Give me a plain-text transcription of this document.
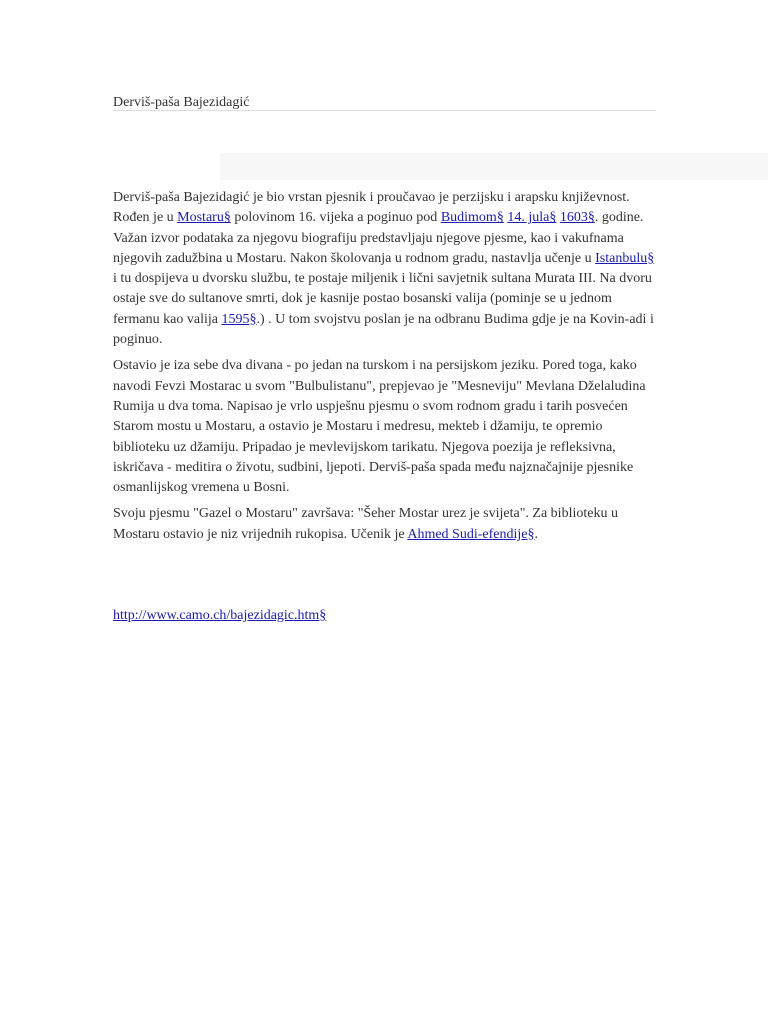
Derviš-paša Bajezidagić

Derviš-paša Bajezidagić je bio vrstan pjesnik i proučavao je perzijsku i arapsku književnost. Rođen je u Mostaru§ polovinom 16. vijeka a poginuo pod Budimom§ 14. jula§ 1603§. godine. Važan izvor podataka za njegovu biografiju predstavljaju njegove pjesme, kao i vakufnama njegovih zadužbina u Mostaru. Nakon školovanja u rodnom gradu, nastavlja učenje u Istanbulu§ i tu dospijeva u dvorsku službu, te postaje miljenik i lični savjetnik sultana Murata III. Na dvoru ostaje sve do sultanove smrti, dok je kasnije postao bosanski valija (pominje se u jednom fermanu kao valija 1595§.) . U tom svojstvu poslan je na odbranu Budima gdje je na Kovin-adi i poginuo.

Ostavio je iza sebe dva divana - po jedan na turskom i na persijskom jeziku. Pored toga, kako navodi Fevzi Mostarac u svom "Bulbulistanu", prepjevao je "Mesneviju" Mevlana Dželaludina Rumija u dva toma. Napisao je vrlo uspješnu pjesmu o svom rodnom gradu i tarih posvećen Starom mostu u Mostaru, a ostavio je Mostaru i medresu, mekteb i džamiju, te opremio biblioteku uz džamiju. Pripadao je mevlevijskom tarikatu. Njegova poezija je refleksivna, iskričava - meditira o životu, sudbini, ljepoti. Derviš-paša spada među najznačajnije pjesnike osmanlijskog vremena u Bosni.

Svoju pjesmu "Gazel o Mostaru" završava: "Šeher Mostar urez je svijeta". Za biblioteku u Mostaru ostavio je niz vrijednih rukopisa. Učenik je Ahmed Sudi-efendije§.

http://www.camo.ch/bajezidagic.htm§
